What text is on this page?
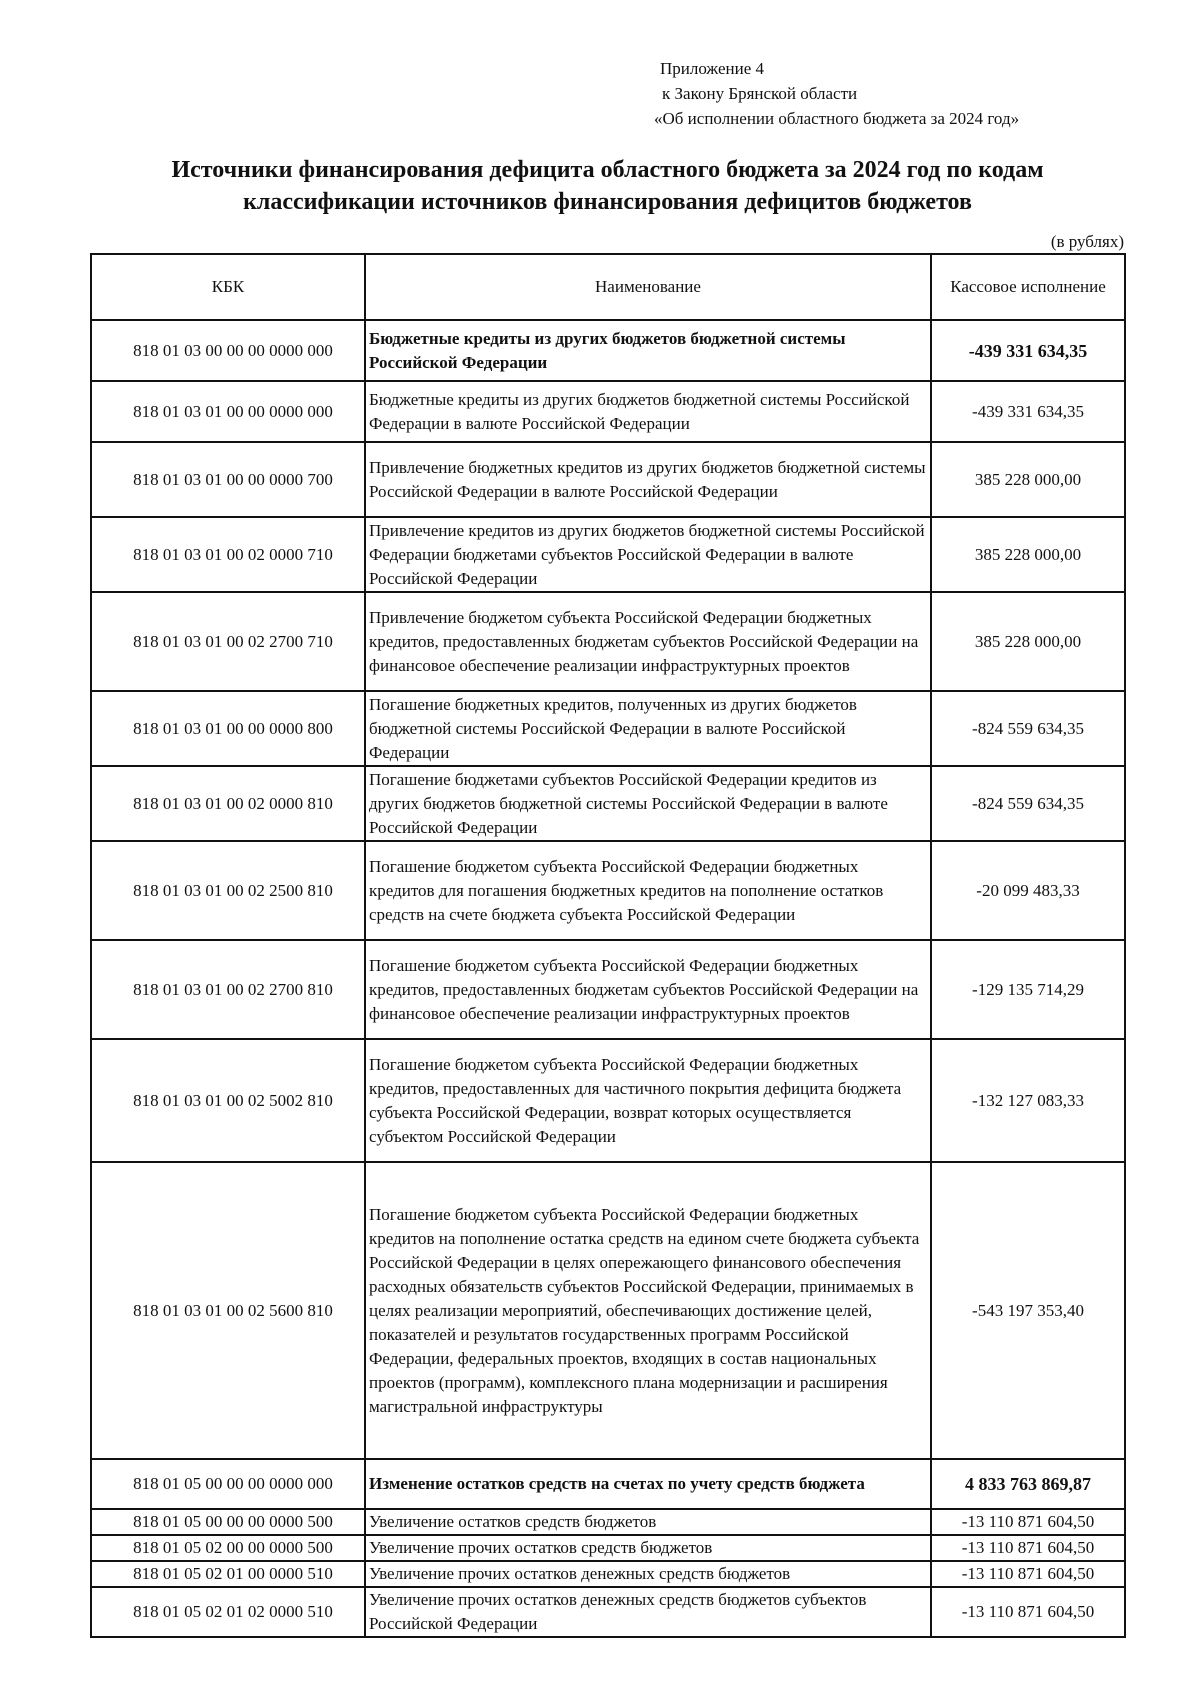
Приложение 4
к Закону Брянской области
«Об исполнении областного бюджета за 2024 год»
Источники финансирования дефицита областного бюджета за 2024 год по кодам
классификации источников финансирования дефицитов бюджетов
(в рублях)
КБК	Наименование	Кассовое исполнение
818 01 03 00 00 00 0000 000	Бюджетные кредиты из других бюджетов бюджетной системы Российской Федерации	-439 331 634,35
818 01 03 01 00 00 0000 000	Бюджетные кредиты из других бюджетов бюджетной системы Российской Федерации в валюте Российской Федерации	-439 331 634,35
818 01 03 01 00 00 0000 700	Привлечение бюджетных кредитов из других бюджетов бюджетной системы Российской Федерации в валюте Российской Федерации	385 228 000,00
818 01 03 01 00 02 0000 710	Привлечение кредитов из других бюджетов бюджетной системы Российской Федерации бюджетами субъектов Российской Федерации в валюте Российской Федерации	385 228 000,00
818 01 03 01 00 02 2700 710	Привлечение бюджетом субъекта Российской Федерации бюджетных кредитов, предоставленных бюджетам субъектов Российской Федерации на финансовое обеспечение реализации инфраструктурных проектов	385 228 000,00
818 01 03 01 00 00 0000 800	Погашение бюджетных кредитов, полученных из других бюджетов бюджетной системы Российской Федерации в валюте Российской Федерации	-824 559 634,35
818 01 03 01 00 02 0000 810	Погашение бюджетами субъектов Российской Федерации кредитов из других бюджетов бюджетной системы Российской Федерации в валюте Российской Федерации	-824 559 634,35
818 01 03 01 00 02 2500 810	Погашение бюджетом субъекта Российской Федерации бюджетных кредитов для погашения бюджетных кредитов на пополнение остатков средств на счете бюджета субъекта Российской Федерации	-20 099 483,33
818 01 03 01 00 02 2700 810	Погашение бюджетом субъекта Российской Федерации бюджетных кредитов, предоставленных бюджетам субъектов Российской Федерации на финансовое обеспечение реализации инфраструктурных проектов	-129 135 714,29
818 01 03 01 00 02 5002 810	Погашение бюджетом субъекта Российской Федерации бюджетных кредитов, предоставленных для частичного покрытия дефицита бюджета субъекта Российской Федерации, возврат которых осуществляется субъектом Российской Федерации	-132 127 083,33
818 01 03 01 00 02 5600 810	Погашение бюджетом субъекта Российской Федерации бюджетных кредитов на пополнение остатка средств на едином счете бюджета субъекта Российской Федерации в целях опережающего финансового обеспечения расходных обязательств субъектов Российской Федерации, принимаемых в целях реализации мероприятий, обеспечивающих достижение целей, показателей и результатов государственных программ Российской Федерации, федеральных проектов, входящих в состав национальных проектов (программ), комплексного плана модернизации и расширения магистральной инфраструктуры	-543 197 353,40
818 01 05 00 00 00 0000 000	Изменение остатков средств на счетах по учету средств бюджета	4 833 763 869,87
818 01 05 00 00 00 0000 500	Увеличение остатков средств бюджетов	-13 110 871 604,50
818 01 05 02 00 00 0000 500	Увеличение прочих остатков средств бюджетов	-13 110 871 604,50
818 01 05 02 01 00 0000 510	Увеличение прочих остатков денежных средств бюджетов	-13 110 871 604,50
818 01 05 02 01 02 0000 510	Увеличение прочих остатков денежных средств бюджетов субъектов Российской Федерации	-13 110 871 604,50
